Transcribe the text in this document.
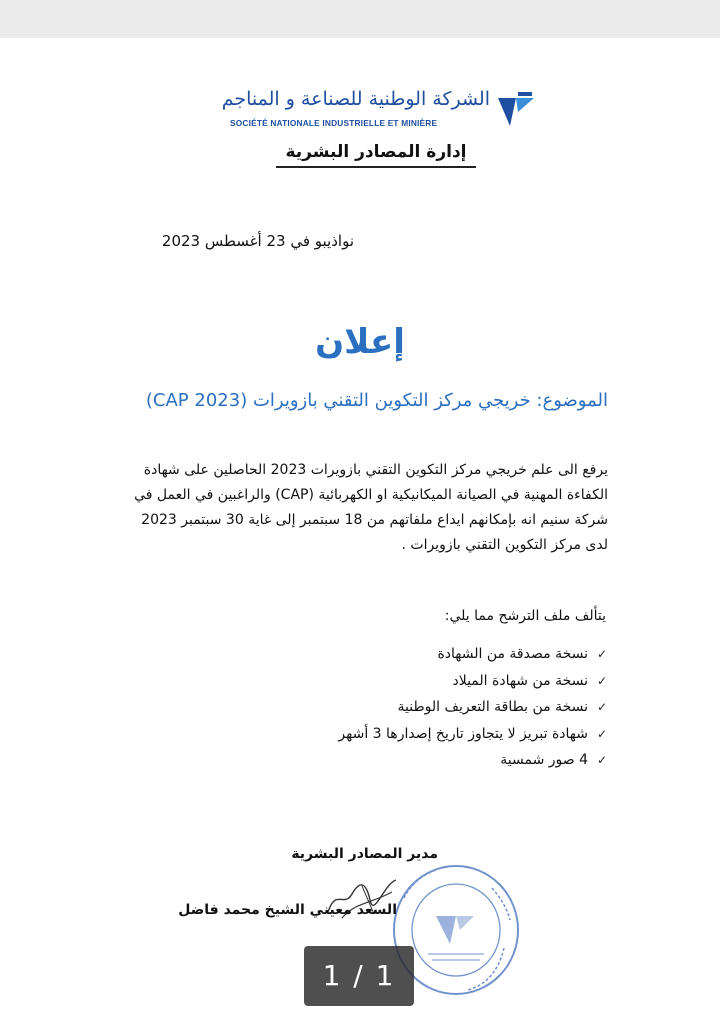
الشركة الوطنية للصناعة و المناجم
SOCIÉTÉ NATIONALE INDUSTRIELLE ET MINIÈRE
إدارة المصادر البشرية
نواذيبو في 23 أغسطس 2023
إعلان
الموضوع: خريجي مركز التكوين التقني بازويرات (CAP 2023)

يرفع الى علم خريجي مركز التكوين التقني بازويرات 2023 الحاصلين على شهادة

الكفاءة المهنية في الصيانة الميكانيكية او الكهربائية (CAP) والراغبين في العمل في

شركة سنيم انه بإمكانهم ايداع ملفاتهم من 18 سبتمبر إلى غاية 30 سبتمبر 2023

لدى مركز التكوين التقني بازويرات .

يتألف ملف الترشح مما يلي:
✓نسخة مصدقة من الشهادة
✓نسخة من شهادة الميلاد
✓نسخة من بطاقة التعريف الوطنية
✓شهادة تبريز لا يتجاوز تاريخ إصدارها 3 أشهر
✓4 صور شمسية
مدير المصادر البشرية
السعد معيني الشيخ محمد فاضل
1 / 1
